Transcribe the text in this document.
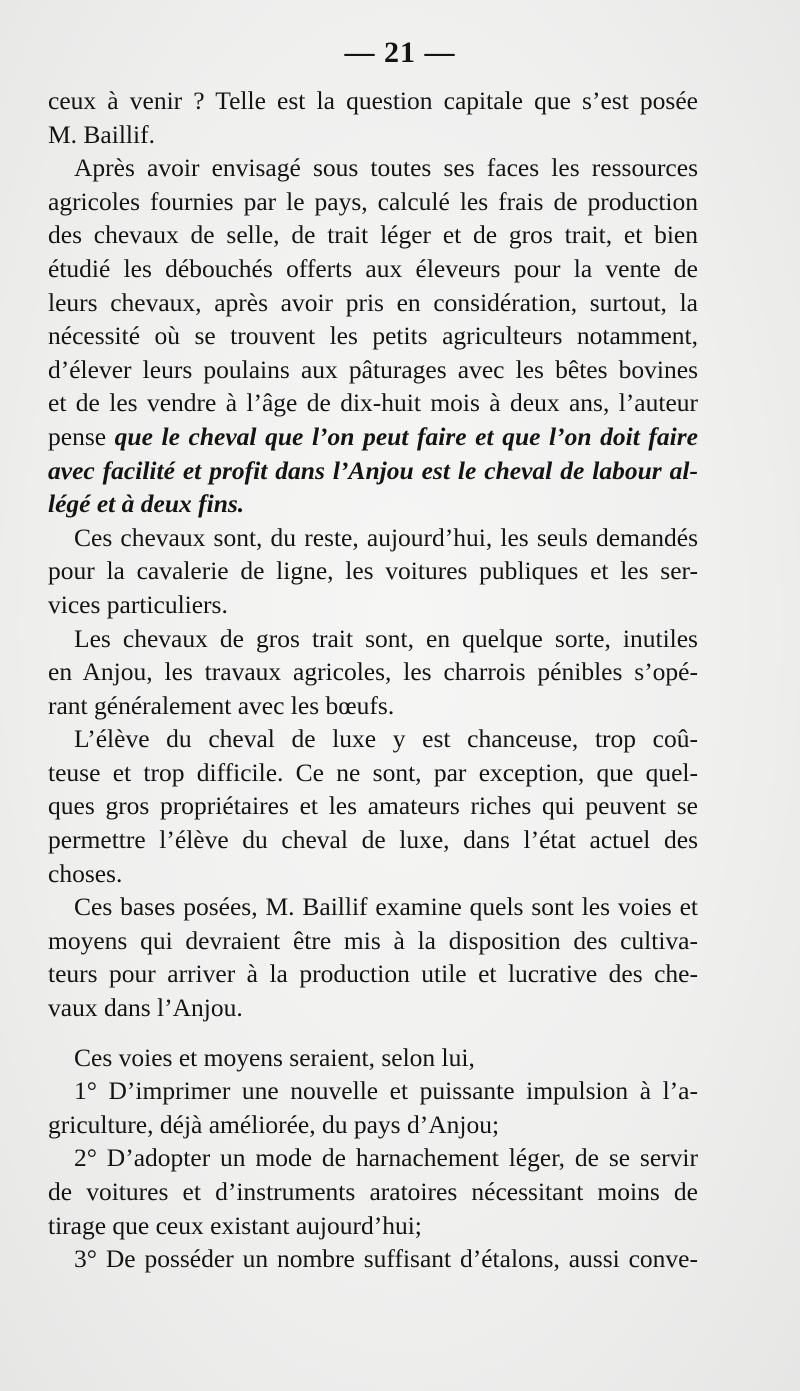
— 21 —
ceux à venir ? Telle est la question capitale que s’est posée
M. Baillif.
Après avoir envisagé sous toutes ses faces les ressources
agricoles fournies par le pays, calculé les frais de production
des chevaux de selle, de trait léger et de gros trait, et bien
étudié les débouchés offerts aux éleveurs pour la vente de
leurs chevaux, après avoir pris en considération, surtout, la
nécessité où se trouvent les petits agriculteurs notamment,
d’élever leurs poulains aux pâturages avec les bêtes bovines
et de les vendre à l’âge de dix-huit mois à deux ans, l’auteur
pense que le cheval que l’on peut faire et que l’on doit faire
avec facilité et profit dans l’Anjou est le cheval de labour al-
légé et à deux fins.
Ces chevaux sont, du reste, aujourd’hui, les seuls demandés
pour la cavalerie de ligne, les voitures publiques et les ser-
vices particuliers.
Les chevaux de gros trait sont, en quelque sorte, inutiles
en Anjou, les travaux agricoles, les charrois pénibles s’opé-
rant généralement avec les bœufs.
L’élève du cheval de luxe y est chanceuse, trop coû-
teuse et trop difficile. Ce ne sont, par exception, que quel-
ques gros propriétaires et les amateurs riches qui peuvent se
permettre l’élève du cheval de luxe, dans l’état actuel des
choses.
Ces bases posées, M. Baillif examine quels sont les voies et
moyens qui devraient être mis à la disposition des cultiva-
teurs pour arriver à la production utile et lucrative des che-
vaux dans l’Anjou.
Ces voies et moyens seraient, selon lui,
1° D’imprimer une nouvelle et puissante impulsion à l’a-
griculture, déjà améliorée, du pays d’Anjou;
2° D’adopter un mode de harnachement léger, de se servir
de voitures et d’instruments aratoires nécessitant moins de
tirage que ceux existant aujourd’hui;
3° De posséder un nombre suffisant d’étalons, aussi conve-
